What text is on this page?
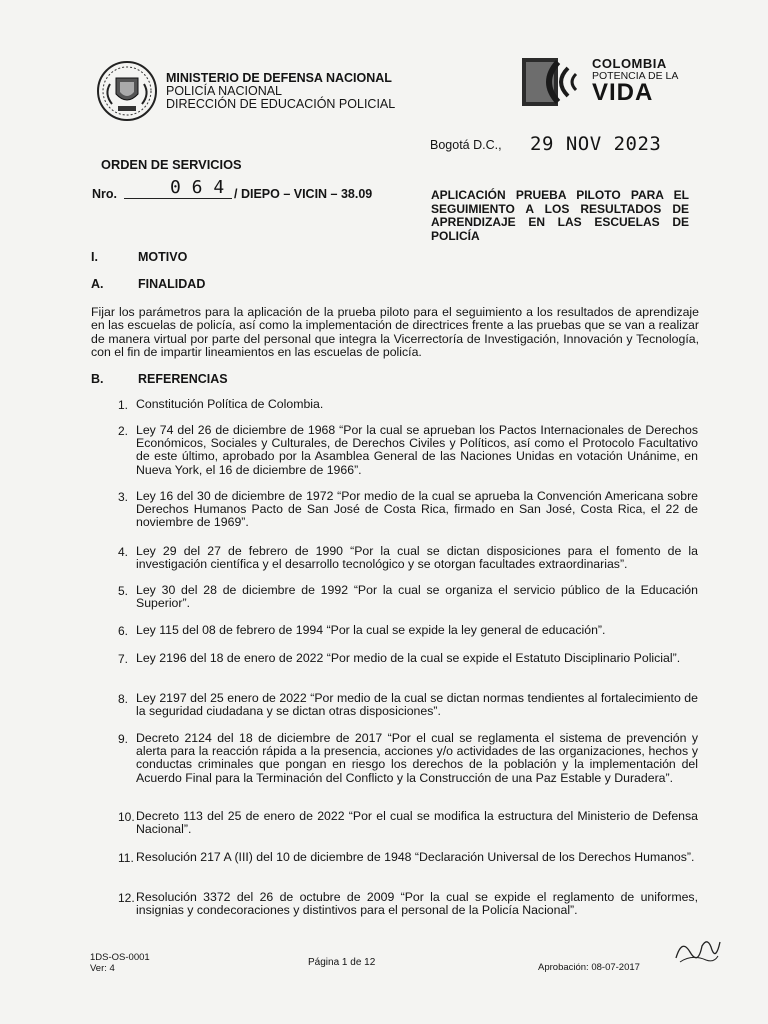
MINISTERIO DE DEFENSA NACIONAL
POLICÍA NACIONAL
DIRECCIÓN DE EDUCACIÓN POLICIAL
COLOMBIA
POTENCIA DE LA
VIDA
Bogotá D.C., 29 NOV 2023
ORDEN DE SERVICIOS
Nro.	0 6 4 / DIEPO – VICIN – 38.09	APLICACIÓN PRUEBA PILOTO PARA EL SEGUIMIENTO A LOS RESULTADOS DE APRENDIZAJE EN LAS ESCUELAS DE POLICÍA
I.	MOTIVO
A.	FINALIDAD
Fijar los parámetros para la aplicación de la prueba piloto para el seguimiento a los resultados de aprendizaje en las escuelas de policía, así como la implementación de directrices frente a las pruebas que se van a realizar de manera virtual por parte del personal que integra la Vicerrectoría de Investigación, Innovación y Tecnología, con el fin de impartir lineamientos en las escuelas de policía.
B.	REFERENCIAS
1. Constitución Política de Colombia.
2. Ley 74 del 26 de diciembre de 1968 “Por la cual se aprueban los Pactos Internacionales de Derechos Económicos, Sociales y Culturales, de Derechos Civiles y Políticos, así como el Protocolo Facultativo de este último, aprobado por la Asamblea General de las Naciones Unidas en votación Unánime, en Nueva York, el 16 de diciembre de 1966”.
3. Ley 16 del 30 de diciembre de 1972 “Por medio de la cual se aprueba la Convención Americana sobre Derechos Humanos Pacto de San José de Costa Rica, firmado en San José, Costa Rica, el 22 de noviembre de 1969”.
4. Ley 29 del 27 de febrero de 1990 “Por la cual se dictan disposiciones para el fomento de la investigación científica y el desarrollo tecnológico y se otorgan facultades extraordinarias”.
5. Ley 30 del 28 de diciembre de 1992 “Por la cual se organiza el servicio público de la Educación Superior”.
6. Ley 115 del 08 de febrero de 1994 “Por la cual se expide la ley general de educación”.
7. Ley 2196 del 18 de enero de 2022 “Por medio de la cual se expide el Estatuto Disciplinario Policial”.
8. Ley 2197 del 25 enero de 2022 “Por medio de la cual se dictan normas tendientes al fortalecimiento de la seguridad ciudadana y se dictan otras disposiciones”.
9. Decreto 2124 del 18 de diciembre de 2017 “Por el cual se reglamenta el sistema de prevención y alerta para la reacción rápida a la presencia, acciones y/o actividades de las organizaciones, hechos y conductas criminales que pongan en riesgo los derechos de la población y la implementación del Acuerdo Final para la Terminación del Conflicto y la Construcción de una Paz Estable y Duradera”.
10. Decreto 113 del 25 de enero de 2022 “Por el cual se modifica la estructura del Ministerio de Defensa Nacional”.
11. Resolución 217 A (III) del 10 de diciembre de 1948 “Declaración Universal de los Derechos Humanos”.
12. Resolución 3372 del 26 de octubre de 2009 “Por la cual se expide el reglamento de uniformes, insignias y condecoraciones y distintivos para el personal de la Policía Nacional”.
1DS-OS-0001
Ver: 4
Página 1 de 12	Aprobación: 08-07-2017
